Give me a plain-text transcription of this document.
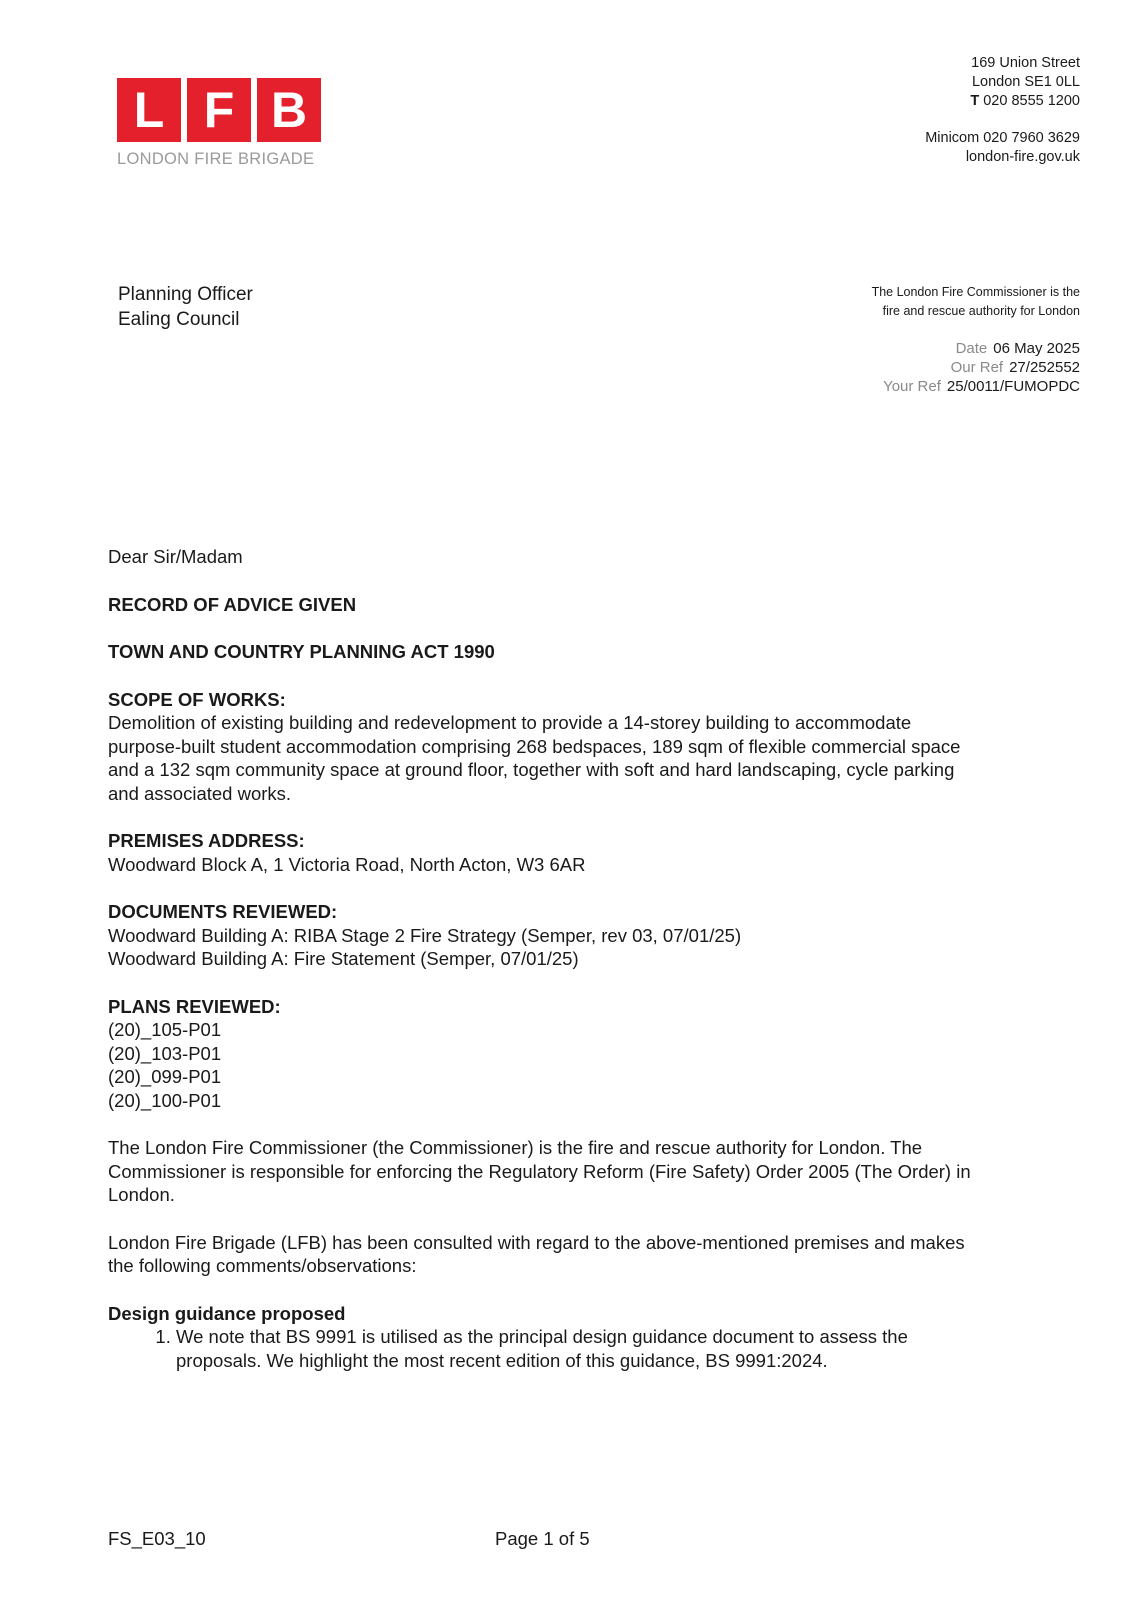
L F B
LONDON FIRE BRIGADE
169 Union Street
London SE1 0LL
T 020 8555 1200
Minicom 020 7960 3629
london-fire.gov.uk
The London Fire Commissioner is the
fire and rescue authority for London
Date 06 May 2025
Our Ref 27/252552
Your Ref 25/0011/FUMOPDC
Planning Officer
Ealing Council

Dear Sir/Madam

RECORD OF ADVICE GIVEN
TOWN AND COUNTRY PLANNING ACT 1990
SCOPE OF WORKS:

Demolition of existing building and redevelopment to provide a 14-storey building to accommodate purpose-built student accommodation comprising 268 bedspaces, 189 sqm of flexible commercial space and a 132 sqm community space at ground floor, together with soft and hard landscaping, cycle parking and associated works.

PREMISES ADDRESS:

Woodward Block A, 1 Victoria Road, North Acton, W3 6AR

DOCUMENTS REVIEWED:

Woodward Building A: RIBA Stage 2 Fire Strategy (Semper, rev 03, 07/01/25)

Woodward Building A: Fire Statement (Semper, 07/01/25)

PLANS REVIEWED:

(20)_105-P01

(20)_103-P01

(20)_099-P01

(20)_100-P01

The London Fire Commissioner (the Commissioner) is the fire and rescue authority for London. The Commissioner is responsible for enforcing the Regulatory Reform (Fire Safety) Order 2005 (The Order) in London.

London Fire Brigade (LFB) has been consulted with regard to the above-mentioned premises and makes the following comments/observations:

Design guidance proposed
1. We note that BS 9991 is utilised as the principal design guidance document to assess the proposals. We highlight the most recent edition of this guidance, BS 9991:2024.
FS_E03_10	Page 1 of 5
